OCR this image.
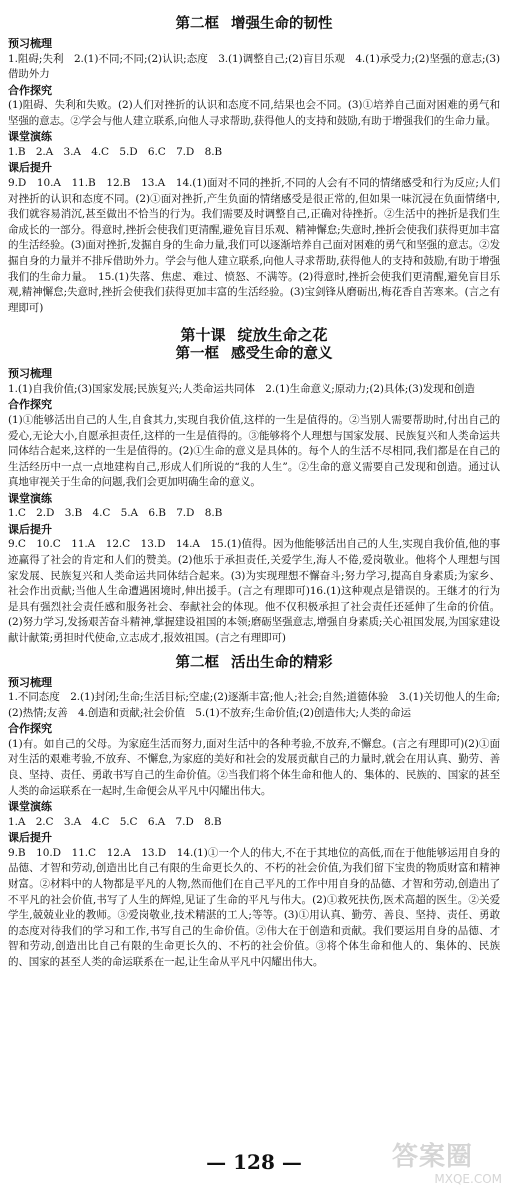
第二框 增强生命的韧性
预习梳理
1.阻碍;失利　2.(1)不同;不同;(2)认识;态度　3.(1)调整自己;(2)盲目乐观　4.(1)承受力;(2)坚强的意志;(3)借助外力
合作探究
(1)阻碍、失利和失败。(2)人们对挫折的认识和态度不同,结果也会不同。(3)①培养自己面对困难的勇气和坚强的意志。②学会与他人建立联系,向他人寻求帮助,获得他人的支持和鼓励,有助于增强我们的生命力量。
课堂演练
1.B　2.A　3.A　4.C　5.D　6.C　7.D　8.B
课后提升
9.D　10.A　11.B　12.B　13.A　14.(1)面对不同的挫折,不同的人会有不同的情绪感受和行为反应;人们对挫折的认识和态度不同。(2)①面对挫折,产生负面的情绪感受是很正常的,但如果一味沉浸在负面情绪中,我们就容易消沉,甚至做出不恰当的行为。我们需要及时调整自己,正确对待挫折。②生活中的挫折是我们生命成长的一部分。得意时,挫折会使我们更清醒,避免盲目乐观、精神懈怠;失意时,挫折会使我们获得更加丰富的生活经验。(3)面对挫折,发掘自身的生命力量,我们可以逐渐培养自己面对困难的勇气和坚强的意志。②发掘自身的力量并不排斥借助外力。学会与他人建立联系,向他人寻求帮助,获得他人的支持和鼓励,有助于增强我们的生命力量。　15.(1)失落、焦虑、难过、愤怒、不满等。(2)得意时,挫折会使我们更清醒,避免盲目乐观,精神懈怠;失意时,挫折会使我们获得更加丰富的生活经验。(3)宝剑锋从磨砺出,梅花香自苦寒来。(言之有理即可)
第十课 绽放生命之花
第一框 感受生命的意义
预习梳理
1.(1)自我价值;(3)国家发展;民族复兴;人类命运共同体　2.(1)生命意义;原动力;(2)具体;(3)发现和创造
合作探究
(1)①能够活出自己的人生,自食其力,实现自我价值,这样的一生是值得的。②当别人需要帮助时,付出自己的爱心,无论大小,自愿承担责任,这样的一生是值得的。③能够将个人理想与国家发展、民族复兴和人类命运共同体结合起来,这样的一生是值得的。(2)①生命的意义是具体的。每个人的生活不尽相同,我们都是在自己的生活经历中一点一点地建构自己,形成人们所说的“我的人生”。②生命的意义需要自己发现和创造。通过认真地审视关于生命的问题,我们会更加明确生命的意义。
课堂演练
1.C　2.D　3.B　4.C　5.A　6.B　7.D　8.B
课后提升
9.C　10.C　11.A　12.C　13.D　14.A　15.(1)值得。因为他能够活出自己的人生,实现自我价值,他的事迹赢得了社会的肯定和人们的赞美。(2)他乐于承担责任,关爱学生,海人不倦,爱岗敬业。他将个人理想与国家发展、民族复兴和人类命运共同体结合起来。(3)为实现理想不懈奋斗;努力学习,提高自身素质;为家乡、社会作出贡献;当他人生命遭遇困境时,伸出援手。(言之有理即可)16.(1)这种观点是错误的。王继才的行为是具有强烈社会责任感和服务社会、奉献社会的体现。他不仅积极承担了社会责任还延伸了生命的价值。(2)努力学习,发扬艰苦奋斗精神,掌握建设祖国的本领;磨砺坚强意志,增强自身素质;关心祖国发展,为国家建设献计献策;勇担时代使命,立志成才,报效祖国。(言之有理即可)
第二框 活出生命的精彩
预习梳理
1.不同态度　2.(1)封闭;生命;生活目标;空虚;(2)逐渐丰富;他人;社会;自然;道德体验　3.(1)关切他人的生命;(2)热情;友善　4.创造和贡献;社会价值　5.(1)不放弃;生命价值;(2)创造伟大;人类的命运
合作探究
(1)有。如自己的父母。为家庭生活而努力,面对生活中的各种考验,不放弃,不懈怠。(言之有理即可)(2)①面对生活的艰难考验,不放弃、不懈怠,为家庭的美好和社会的发展贡献自己的力量时,就会在用认真、勤劳、善良、坚持、责任、勇敢书写自己的生命价值。②当我们将个体生命和他人的、集体的、民族的、国家的甚至人类的命运联系在一起时,生命便会从平凡中闪耀出伟大。
课堂演练
1.A　2.C　3.A　4.C　5.C　6.A　7.D　8.B
课后提升
9.B　10.D　11.C　12.A　13.D　14.(1)①一个人的伟大,不在于其地位的高低,而在于他能够运用自身的品德、才智和劳动,创造出比自己有限的生命更长久的、不朽的社会价值,为我们留下宝贵的物质财富和精神财富。②材料中的人物都是平凡的人物,然而他们在自己平凡的工作中用自身的品德、才智和劳动,创造出了不平凡的社会价值,书写了人生的辉煌,见证了生命的平凡与伟大。(2)①救死扶伤,医术高超的医生。②关爱学生,兢兢业业的教师。③爱岗敬业,技术精湛的工人;等等。(3)①用认真、勤劳、善良、坚持、责任、勇敢的态度对待我们的学习和工作,书写自己的生命价值。②伟大在于创造和贡献。我们要运用自身的品德、才智和劳动,创造出比自己有限的生命更长久的、不朽的社会价值。③将个体生命和他人的、集体的、民族的、国家的甚至人类的命运联系在一起,让生命从平凡中闪耀出伟大。
— 128 —	答案圈
MXQE.COM
